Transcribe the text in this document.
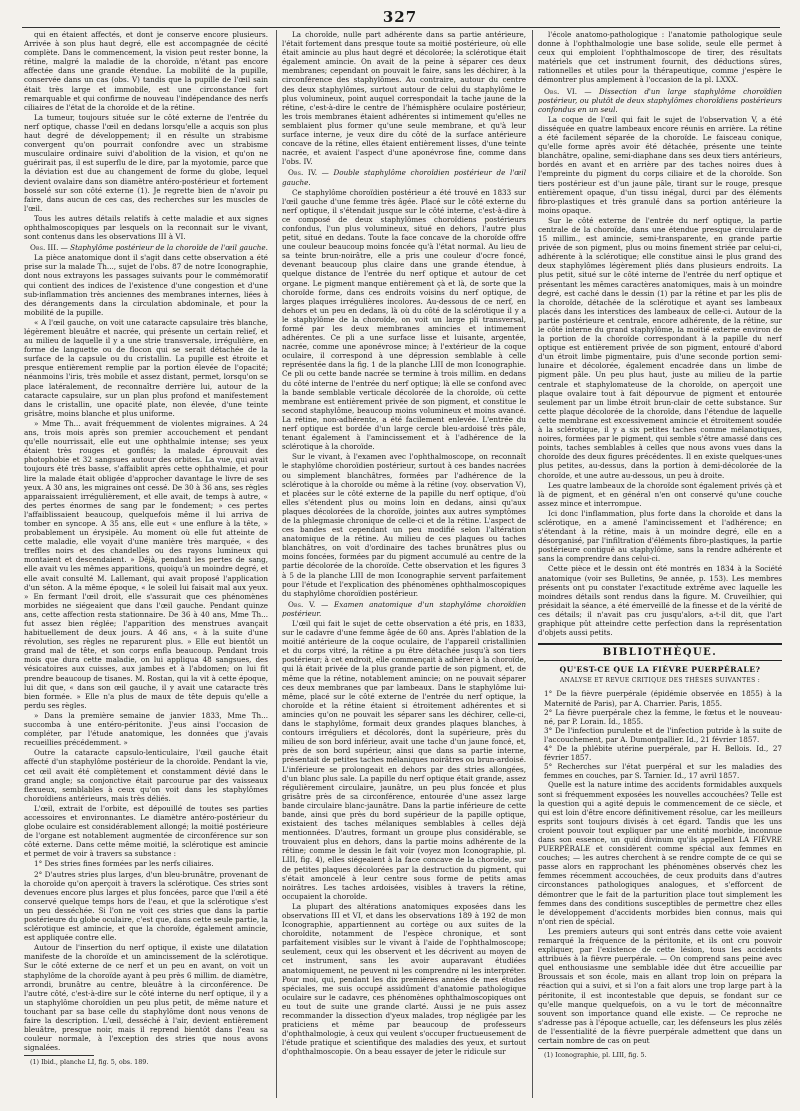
327

qui en étaient affectés, et dont je conserve encore plusieurs. Arrivée à son plus haut degré, elle est accompagnée de cécité complète. Dans le commencement, la vision peut rester bonne, la rétine, malgré la maladie de la choroïde, n'étant pas encore affectée dans une grande étendue. La mobilité de la pupille, conservée dans un cas (obs. V) tandis que la pupille de l'œil sain était très large et immobile, est une circonstance fort remarquable et qui confirme de nouveau l'indépendance des nerfs ciliaires de l'état de la choroïde et de la rétine.

La tumeur, toujours située sur le côté externe de l'entrée du nerf optique, chasse l'œil en dedans lorsqu'elle a acquis son plus haut degré de développement; il en résulte un strabisme convergent qu'on pourrait confondre avec un strabisme musculaire ordinaire suivi d'abolition de la vision, et qu'on ne guérirait pas, il est superflu de le dire, par la myotomie, parce que la déviation est due au changement de forme du globe, lequel devient ovalaire dans son diamètre antéro-postérieur et fortement bosselé sur son côté externe (1). Je regrette bien de n'avoir pu faire, dans aucun de ces cas, des recherches sur les muscles de l'œil.

Tous les autres détails relatifs à cette maladie et aux signes ophthalmoscopiques par lesquels on la reconnait sur le vivant, sont contenus dans les observations III à VI.

Obs. III. — Staphylôme postérieur de la choroïde de l'œil gauche.

La pièce anatomique dont il s'agit dans cette observation a été prise sur la malade Th..., sujet de l'obs. 87 de notre Iconographie, dont nous extrayons les passages suivants pour le commémoratif qui contient des indices de l'existence d'une congestion et d'une sub-inflammation très anciennes des membranes internes, liées à des dérangements dans la circulation abdominale, et pour la mobilité de la pupille.

« A l'œil gauche, on voit une cataracte capsulaire très blanche, légèrement bleuâtre et nacrée, qui présente un certain relief, et au milieu de laquelle il y a une strie transversale, irrégulière, en forme de languette ou de flocon qui se serait détachée de la surface de la capsule ou du cristallin. La pupille est étroite et presque entièrement remplie par la portion élevée de l'opacité; néanmoins l'iris, très mobile et assez distant, permet, lorsqu'on se place latéralement, de reconnaître derrière lui, autour de la cataracte capsulaire, sur un plan plus profond et manifestement dans le cristallin, une opacité plate, non élevée, d'une teinte grisâtre, moins blanche et plus uniforme.

» Mme Th... avait fréquemment de violentes migraines. A 24 ans, trois mois après son premier accouchement et pendant qu'elle nourrissait, elle eut une ophthalmie intense; ses yeux étaient très rouges et gonflés; la malade éprouvait des photophobie et 32 sangsues autour des orbites. La vue, qui avait toujours été très basse, s'affaiblit après cette ophthalmie, et pour lire la malade était obligée d'approcher davantage le livre de ses yeux. A 30 ans, les migraines ont cessé. De 30 à 36 ans, ses règles apparaissaient irrégulièrement, et elle avait, de temps à autre, « des pertes énormes de sang par le fondement; » ces pertes l'affaiblissaient beaucoup, quelquefois même il lui arriva de tomber en syncope. A 35 ans, elle eut « une enflure à la tête, » probablement un érysipèle. Au moment où elle fut atteinte de cette maladie, elle voyait d'une manière très marquée, « des treffles noirs et des chandelles ou des rayons lumineux qui montaient et descendaient. » Déjà, pendant les pertes de sang, elle avait vu les mêmes apparitions, quoiqu'à un moindre degré, et elle avait consulté M. Lallemant, qui avait proposé l'application d'un séton. A la même époque, « le soleil lui faisait mal aux yeux. » En fermant l'œil droit, elle s'assurait que ces phénomènes morbides ne siégeaient que dans l'œil gauche. Pendant quinze ans, cette affection resta stationnaire. De 36 à 40 ans, Mme Th... fut assez bien réglée; l'apparition des menstrues avançait habituellement de deux jours. A 46 ans, « à la suite d'une révolution, ses règles ne reparurent plus. » Elle eut bientôt un grand mal de tête, et son corps enfla beaucoup. Pendant trois mois que dura cette maladie, on lui appliqua 48 sangsues, des vésicatoires aux cuisses, aux jambes et à l'abdomen; on lui fit prendre beaucoup de tisanes. M. Rostan, qui la vit à cette époque, lui dit que, « dans son œil gauche, il y avait une cataracte très bien formée. » Elle n'a plus de maux de tête depuis qu'elle a perdu ses règles.

» Dans la première semaine de janvier 1833, Mme Th... succomba à une entéro-péritonite. J'eus ainsi l'occasion de compléter, par l'étude anatomique, les données que j'avais recueillies précédemment. »

Outre la cataracte capsulo-lenticulaire, l'œil gauche était affecté d'un staphylôme postérieur de la choroïde. Pendant la vie, cet œil avait été complètement et constamment dévié dans le grand angle; sa conjonctive était parcourue par des vaisseaux flexueux, semblables à ceux qu'on voit dans les staphylômes choroïdiens antérieurs, mais très déliés.

L'œil, extrait de l'orbite, est dépouillé de toutes ses parties accessoires et environnantes. Le diamètre antéro-postérieur du globe oculaire est considérablement allongé; la moitié postérieure de l'organe est notablement augmentée de circonférence sur son côté externe. Dans cette même moitié, la sclérotique est amincie et permet de voir à travers sa substance :

1° Des stries fines formées par les nerfs ciliaires.

2° D'autres stries plus larges, d'un bleu-brunâtre, provenant de la choroïde qu'on aperçoit à travers la sclérotique. Ces stries sont devenues encore plus larges et plus foncées, parce que l'œil a été conservé quelque temps hors de l'eau, et que la sclérotique s'est un peu desséchée. Si l'on ne voit ces stries que dans la partie postérieure du globe oculaire, c'est que, dans cette seule partie, la sclérotique est amincie, et que la choroïde, également amincie, est appliquée contre elle.

Autour de l'insertion du nerf optique, il existe une dilatation manifeste de la choroïde et un amincissement de la sclérotique. Sur le côté externe de ce nerf et un peu en avant, on voit un staphylôme de la choroïde ayant à peu près 6 millim. de diamètre, arrondi, brunâtre au centre, bleuâtre à la circonférence. De l'autre côté, c'est-à-dire sur le côté interne du nerf optique, il y a un staphylôme choroïdien un peu plus petit, de même nature et touchant par sa base celle du staphylôme dont nous venons de faire la description. L'œil, desséché à l'air, devient entièrement bleuâtre, presque noir, mais il reprend bientôt dans l'eau sa couleur normale, à l'exception des stries que nous avons signalées.

(1) Ibid., planche LI, fig. 5, obs. 189.

La choroïde, nulle part adhérente dans sa partie antérieure, l'était fortement dans presque toute sa moitié postérieure, où elle était amincie au plus haut degré et décolorée; la sclérotique était également amincie. On avait de la peine à séparer ces deux membranes; cependant on pouvait le faire, sans les déchirer, à la circonférence des staphylômes. Au contraire, autour du centre des deux staphylômes, surtout autour de celui du staphylôme le plus volumineux, point auquel correspondait la tache jaune de la rétine, c'est-à-dire le centre de l'hémisphère oculaire postérieur, les trois membranes étaient adhérentes si intimement qu'elles ne semblaient plus former qu'une seule membrane, et qu'à leur surface interne, je veux dire du côté de la surface antérieure concave de la rétine, elles étaient entièrement lisses, d'une teinte nacrée, et avaient l'aspect d'une aponévrose fine, comme dans l'obs. IV.

Obs. IV. — Double staphylôme choroïdien postérieur de l'œil gauche.

Ce staphylôme choroïdien postérieur a été trouvé en 1833 sur l'œil gauche d'une femme très âgée. Placé sur le côté externe du nerf optique, il s'étendait jusque sur le côté interne, c'est-à-dire à ce composé de deux staphylômes choroïdiens postérieurs confondus, l'un plus volumineux, situé en dehors, l'autre plus petit, situé en dedans. Toute la face concave de la choroïde offre une couleur beaucoup moins foncée qu'à l'état normal. Au lieu de sa teinte brun-noirâtre, elle a pris une couleur d'ocre foncé, devenant beaucoup plus claire dans une grande étendue, à quelque distance de l'entrée du nerf optique et autour de cet organe. Le pigment manque entièrement çà et là, de sorte que la choroïde forme, dans ces endroits voisins du nerf optique, de larges plaques irrégulières incolores. Au-dessous de ce nerf, en dehors et un peu en dedans, là où du côté de la sclérotique il y a le staphylôme de la choroïde, on voit un large pli transversal, formé par les deux membranes amincies et intimement adhérentes. Ce pli a une surface lisse et luisante, argentée, nacrée, comme une aponévrose mince; à l'extérieur de la coque oculaire, il correspond à une dépression semblable à celle représentée dans la fig. 1 de la planche LIII de mon Iconographie. Ce pli ou cette bande nacrée se termine à trois millim. en dedans du côté interne de l'entrée du nerf optique; là elle se confond avec la bande semblable verticale décolorée de la choroïde, où cette membrane est entièrement privée de son pigment, et constitue le second staphylôme, beaucoup moins volumineux et moins avancé. La rétine, non-adhérente, a été facilement enlevée. L'entrée du nerf optique est bordée d'un large cercle bleu-ardoisé très pâle, tenant également à l'amincissement et à l'adhérence de la sclérotique à la choroïde.

Sur le vivant, à l'examen avec l'ophthalmoscope, on reconnaît le staphylôme choroïdien postérieur, surtout à ces bandes nacrées ou simplement blanchâtres, formées par l'adhérence de la sclérotique à la choroïde ou même à la rétine (voy. observation V), et placées sur le côté externe de la papille du nerf optique, d'où elles s'étendent plus ou moins loin en dedans, ainsi qu'aux plaques décolorées de la choroïde, jointes aux autres symptômes de la phlegmasie chronique de celle-ci et de la rétine. L'aspect de ces bandes est cependant un peu modifié selon l'altération anatomique de la rétine. Au milieu de ces plaques ou taches blanchâtres, on voit d'ordinaire des taches brunâtres plus ou moins foncées, formées par du pigment accumulé au centre de la partie décolorée de la choroïde. Cette observation et les figures 3 à 5 de la planche LIII de mon Iconographie servent parfaitement pour l'étude et l'explication des phénomènes ophthalmoscopiques du staphylôme choroïdien postérieur.

Obs. V. — Examen anatomique d'un staphylôme choroïdien postérieur.

L'œil qui fait le sujet de cette observation a été pris, en 1833, sur le cadavre d'une femme âgée de 60 ans. Après l'ablation de la moitié antérieure de la coque oculaire, de l'appareil cristallinien et du corps vitré, la rétine a pu être détachée jusqu'à son tiers postérieur; à cet endroit, elle commençait à adhérer à la choroïde, qui là était privée de la plus grande partie de son pigment, et, de même que la rétine, notablement amincie; on ne pouvait séparer ces deux membranes que par lambeaux. Dans le staphylôme lui-même, placé sur le côté externe de l'entrée du nerf optique, la choroïde et la rétine étaient si étroitement adhérentes et si amincies qu'on ne pouvait les séparer sans les déchirer, celle-ci, dans le staphylôme, formait deux grandes plaques blanches, à contours irréguliers et décolorés, dont la supérieure, près du milieu de son bord inférieur, avait une tache d'un jaune foncé, et, près de son bord supérieur, ainsi que dans sa partie interne, présentait de petites taches mélaniques noirâtres ou brun-ardoisé. L'inférieure se prolongeait en dehors par des stries allongées, d'un blanc plus sale. La papille du nerf optique était grande, assez régulièrement circulaire, jaunâtre, un peu plus foncée et plus grisâtre près de sa circonférence, entourée d'une assez large bande circulaire blanc-jaunâtre. Dans la partie inférieure de cette bande, ainsi que près du bord supérieur de la papille optique, existaient des taches mélaniques semblables à celles déjà mentionnées. D'autres, formant un groupe plus considérable, se trouvaient plus en dehors, dans la partie moins adhérente de la rétine; comme le dessin le fait voir (voyez mon Iconographie, pl. LIII, fig. 4), elles siégeaient à la face concave de la choroïde, sur de petites plaques décolorées par la destruction du pigment, qui s'était amoncelé à leur centre sous forme de petits amas noirâtres. Les taches ardoisées, visibles à travers la rétine, occupaient la choroïde.

La plupart des altérations anatomiques exposées dans les observations III et VI, et dans les observations 189 à 192 de mon Iconographie, appartiennent au cortège ou aux suites de la choroïdite, notamment de l'espèce chronique, et sont parfaitement visibles sur le vivant à l'aide de l'ophthalmoscope; seulement, ceux qui les observent et les décrivent au moyen de cet instrument, sans les avoir auparavant étudiées anatomiquement, ne peuvent ni les comprendre ni les interpréter. Pour moi, qui, pendant les dix premières années de mes études spéciales, me suis occupé assidûment d'anatomie pathologique oculaire sur le cadavre, ces phénomènes ophthalmoscopiques ont eu tout de suite une grande clarté. Aussi je ne puis assez recommander la dissection d'yeux malades, trop négligée par les praticiens et même par beaucoup de professeurs d'ophthalmologie, à ceux qui veulent s'occuper fructueusement de l'étude pratique et scientifique des maladies des yeux, et surtout d'ophthalmoscopie. On a beau essayer de jeter le ridicule sur

l'école anatomo-pathologique : l'anatomie pathologique seule donne à l'ophthalmologie une base solide, seule elle permet à ceux qui emploient l'ophthalmoscope de tirer, des résultats matériels que cet instrument fournit, des déductions sûres, rationnelles et utiles pour la thérapeutique, comme j'espère le démontrer plus amplement à l'occasion de la pl. LXXX.

Obs. VI. — Dissection d'un large staphylôme choroïdien postérieur, ou plutôt de deux staphylômes choroïdiens postérieurs confondus en un seul.

La coque de l'œil qui fait le sujet de l'observation V, a été disséquée en quatre lambeaux encore réunis en arrière. La rétine a été facilement séparée de la choroïde. Le faisceau conique, qu'elle forme après avoir été détachée, présente une teinte blanchâtre, opaline, semi-diaphane dans ses deux tiers antérieurs, bordés en avant et en arrière par des taches noires dues à l'empreinte du pigment du corps ciliaire et de la choroïde. Son tiers postérieur est d'un jaune pâle, tirant sur le rouge, presque entièrement opaque, d'un tissu inégal, durci par des éléments fibro-plastiques et très granulé dans sa portion antérieure la moins opaque.

Sur le côté externe de l'entrée du nerf optique, la partie centrale de la choroïde, dans une étendue presque circulaire de 15 millim., est amincie, semi-transparente, en grande partie privée de son pigment, plus ou moins finement striée par celui-ci, adhérente à la sclérotique; elle constitue ainsi le plus grand des deux staphylômes légèrement pliés dans plusieurs endroits. La plus petit, situé sur le côté interne de l'entrée du nerf optique et présentant les mêmes caractères anatomiques, mais à un moindre degré, est caché dans le dessin (1) par la rétine et par les plis de la choroïde, détachée de la sclérotique et ayant ses lambeaux placés dans les interstices des lambeaux de celle-ci. Autour de la partie postérieure et centrale, encore adhérente, de la rétine, sur le côté interne du grand staphylôme, la moitié externe environ de la portion de la choroïde correspondant à la papille du nerf optique est entièrement privée de son pigment, entouré d'abord d'un étroit limbe pigmentaire, puis d'une seconde portion semi-lunaire et décolorée, également encadrée dans un limbe de pigment pâle. Un peu plus haut, juste au milieu de la partie centrale et staphylomateuse de la choroïde, on aperçoit une plaque ovalaire tout à fait dépourvue de pigment et entourée seulement par un limbe étroit brun-clair de cette substance. Sur cette plaque décolorée de la choroïde, dans l'étendue de laquelle cette membrane est excessivement amincie et étroitement soudée à la sclérotique, il y a six petites taches comme mélanotiques, noires, formées par le pigment, qui semble s'être amassé dans ces points, taches semblables à celles que nous avons vues dans la choroïde des deux figures précédentes. Il en existe quelques-unes plus petites, au-dessus, dans la portion à demi-décolorée de la choroïde, et une autre au-dessous, un peu à droite.

Les quatre lambeaux de la choroïde sont également privés çà et là de pigment, et en général n'en ont conservé qu'une couche assez mince et interrompue.

Ici donc l'inflammation, plus forte dans la choroïde et dans la sclérotique, en a amené l'amincissement et l'adhérence; en s'étendant à la rétine, mais à un moindre degré, elle en a désorganisé, par l'infiltration d'éléments fibro-plastiques, la partie postérieure contiguë au staphylôme, sans la rendre adhérente et sans la comprendre dans celui-ci.

Cette pièce et le dessin ont été montrés en 1834 à la Société anatomique (voir ses Bulletins, 9e année, p. 153). Les membres présents ont pu constater l'exactitude extrême avec laquelle les moindres détails sont rendus dans la figure. M. Cruveilhier, qui présidait la séance, a été émerveillé de la finesse et de la vérité de ces détails; il n'avait pas cru jusqu'alors, a-t-il dit, que l'art graphique pût atteindre cette perfection dans la représentation d'objets aussi petits.

BIBLIOTHÈQUE.
QU'EST-CE QUE LA FIÈVRE PUERPÉRALE?
ANALYSE ET REVUE CRITIQUE DES THÈSES SUIVANTES :

1° De la fièvre puerpérale (épidémie observée en 1855) à la Maternité de Paris), par A. Charrier. Paris, 1855.

2° La fièvre puerpérale chez la femme, le fœtus et le nouveau-né, par P. Lorain. Id., 1855.

3° De l'infection purulente et de l'infection putride à la suite de l'accouchement, par A. Dumontpallier. Id., 21 février 1857.

4° De la phlébite utérine puerpérale, par H. Bellois. Id., 27 février 1857.

5° Recherches sur l'état puerpéral et sur les maladies des femmes en couches, par S. Tarnier. Id., 17 avril 1857.

Quelle est la nature intime des accidents formidables auxquels sont si fréquemment exposées les nouvelles accouchées? Telle est la question qui a agité depuis le commencement de ce siècle, et qui est loin d'être encore définitivement résolue, car les meilleurs esprits sont toujours divisés à cet égard. Tandis que les uns croient pouvoir tout expliquer par une entité morbide, inconnue dans son essence, un quid divinum qu'ils appellent LA FIÈVRE PUERPÉRALE et considèrent comme spécial aux femmes en couches; — les autres cherchent à se rendre compte de ce qui se passe alors en rapprochant les phénomènes observés chez les femmes récemment accouchées, de ceux produits dans d'autres circonstances pathologiques analogues, et s'efforcent de démontrer que le fait de la parturition place tout simplement les femmes dans des conditions susceptibles de permettre chez elles le développement d'accidents morbides bien connus, mais qui n'ont rien de spécial.

Les premiers auteurs qui sont entrés dans cette voie avaient remarqué la fréquence de la péritonite, et ils ont cru pouvoir expliquer, par l'existence de cette lésion, tous les accidents attribués à la fièvre puerpérale. — On comprend sans peine avec quel enthousiasme une semblable idée dut être accueillie par Broussais et son école, mais en allant trop loin on prépara la réaction qui a suivi, et si l'on a fait alors une trop large part à la péritonite, il est incontestable que depuis, se fondant sur ce qu'elle manque quelquefois, on a vu le tort de méconnaître souvent son importance quand elle existe. — Ce reproche ne s'adresse pas à l'époque actuelle, car, les défenseurs les plus zélés de l'essentialité de la fièvre puerpérale admettent que dans un certain nombre de cas on peut

(1) Iconographie, pl. LIII, fig. 5.
